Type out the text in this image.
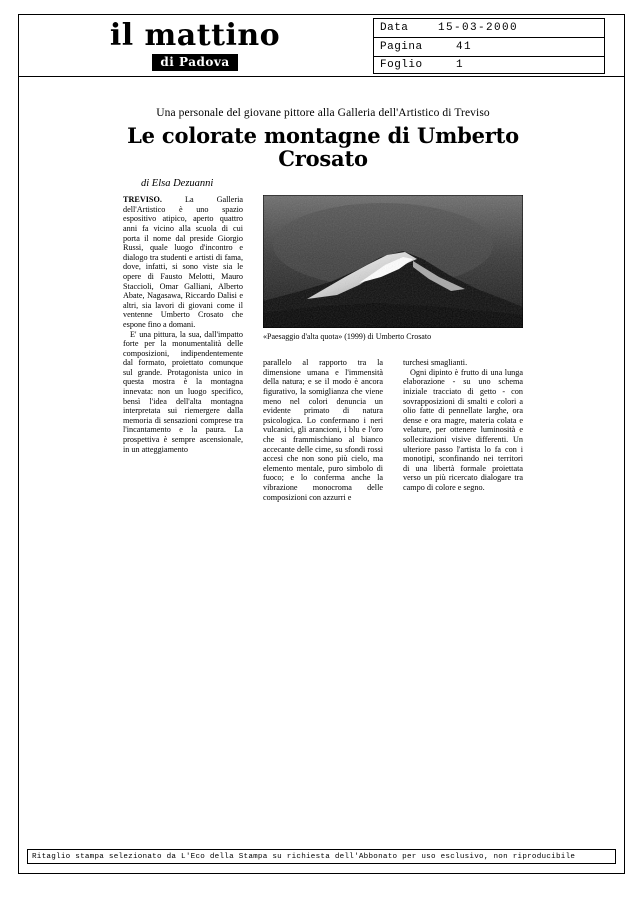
il mattino
di Padova
Data	15-03-2000
Pagina	41
Foglio	1
Una personale del giovane pittore alla Galleria dell'Artistico di Treviso
Le colorate montagne di Umberto Crosato
di Elsa Dezuanni
«Paesaggio d'alta quota» (1999) di Umberto Crosato

TREVISO. La Galleria dell'Artistico è uno spazio espositivo atipico, aperto quattro anni fa vicino alla scuola di cui porta il nome dal preside Giorgio Russi, quale luogo d'incontro e dialogo tra studenti e artisti di fama, dove, infatti, si sono viste sia le opere di Fausto Melotti, Mauro Staccioli, Omar Galliani, Alberto Abate, Nagasawa, Riccardo Dalisi e altri, sia lavori di giovani come il ventenne Umberto Crosato che espone fino a domani.

E' una pittura, la sua, dall'impatto forte per la monumentalità delle composizioni, indipendentemente dal formato, proiettato comunque sul grande. Protagonista unico in questa mostra è la montagna innevata: non un luogo specifico, bensì l'idea dell'alta montagna interpretata sui riemergere dalla memoria di sensazioni comprese tra l'incantamento e la paura. La prospettiva è sempre ascensionale, in un atteggiamento

parallelo al rapporto tra la dimensione umana e l'immensità della natura; e se il modo è ancora figurativo, la somiglianza che viene meno nel colori denuncia un evidente primato di natura psicologica. Lo confermano i neri vulcanici, gli arancioni, i blu e l'oro che si frammischiano al bianco accecante delle cime, su sfondi rossi accesi che non sono più cielo, ma elemento mentale, puro simbolo di fuoco; e lo conferma anche la vibrazione monocroma delle composizioni con azzurri e

turchesi smaglianti.

Ogni dipinto è frutto di una lunga elaborazione - su uno schema iniziale tracciato di getto - con sovrapposizioni di smalti e colori a olio fatte di pennellate larghe, ora dense e ora magre, materia colata e velature, per ottenere luminosità e sollecitazioni visive differenti. Un ulteriore passo l'artista lo fa con i monotipi, sconfinando nei territori di una libertà formale proiettata verso un più ricercato dialogare tra campo di colore e segno.

Ritaglio stampa selezionato da L'Eco della Stampa su richiesta dell'Abbonato per uso esclusivo, non riproducibile
